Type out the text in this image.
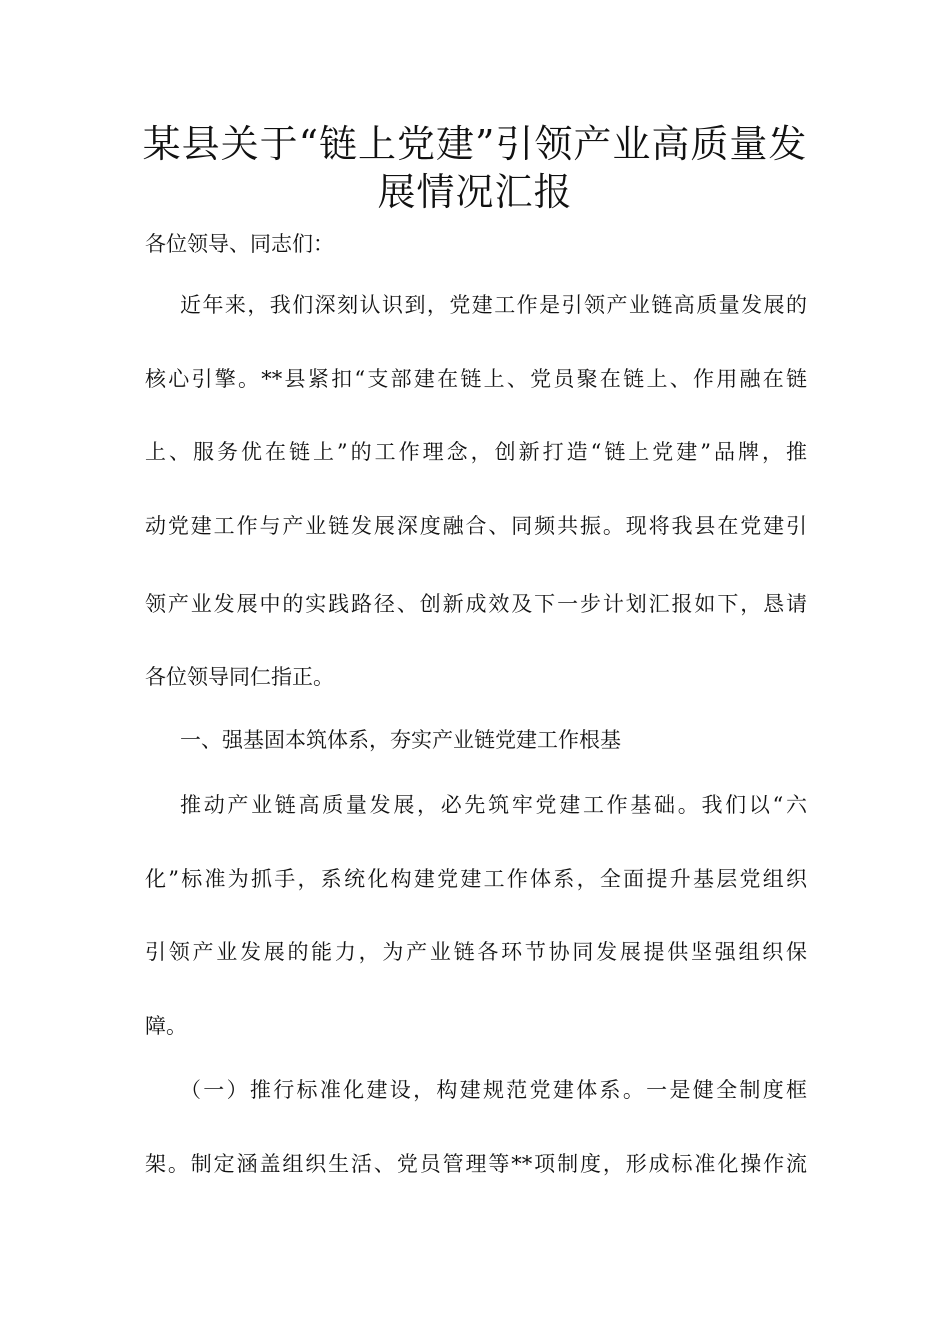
某县关于“链上党建”引领产业高质量发
展情况汇报

各位领导、同志们：

近年来，我们深刻认识到，党建工作是引领产业链高质量发展的

核心引擎。**县紧扣“支部建在链上、党员聚在链上、作用融在链

上、服务优在链上”的工作理念，创新打造“链上党建”品牌，推

动党建工作与产业链发展深度融合、同频共振。现将我县在党建引

领产业发展中的实践路径、创新成效及下一步计划汇报如下，恳请

各位领导同仁指正。

一、强基固本筑体系，夯实产业链党建工作根基

推动产业链高质量发展，必先筑牢党建工作基础。我们以“六

化”标准为抓手，系统化构建党建工作体系，全面提升基层党组织

引领产业发展的能力，为产业链各环节协同发展提供坚强组织保

障。

（一）推行标准化建设，构建规范党建体系。一是健全制度框

架。制定涵盖组织生活、党员管理等**项制度，形成标准化操作流
